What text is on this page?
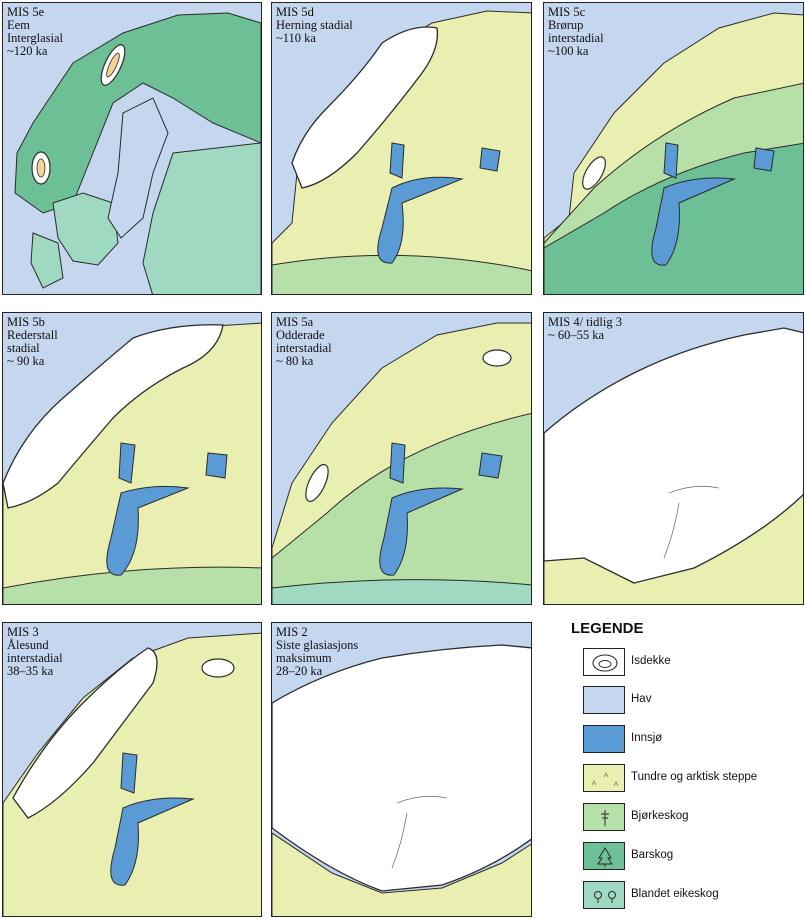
MIS 5e
Eem
Interglasial
~120 ka
MIS 5d
Herning stadial
~110 ka
MIS 5c
Brørup
interstadial
~100 ka
MIS 5b
Rederstall
stadial
~ 90 ka
MIS 5a
Odderade
interstadial
~ 80 ka
MIS 4/ tidlig 3
~ 60–55 ka
MIS 3
Ålesund
interstadial
38–35 ka
MIS 2
Siste glasiasjons
maksimum
28–20 ka
LEGENDE
Isdekke
Hav
Innsjø
Tundre og arktisk steppe
Bjørkeskog
Barskog
Blandet eikeskog
